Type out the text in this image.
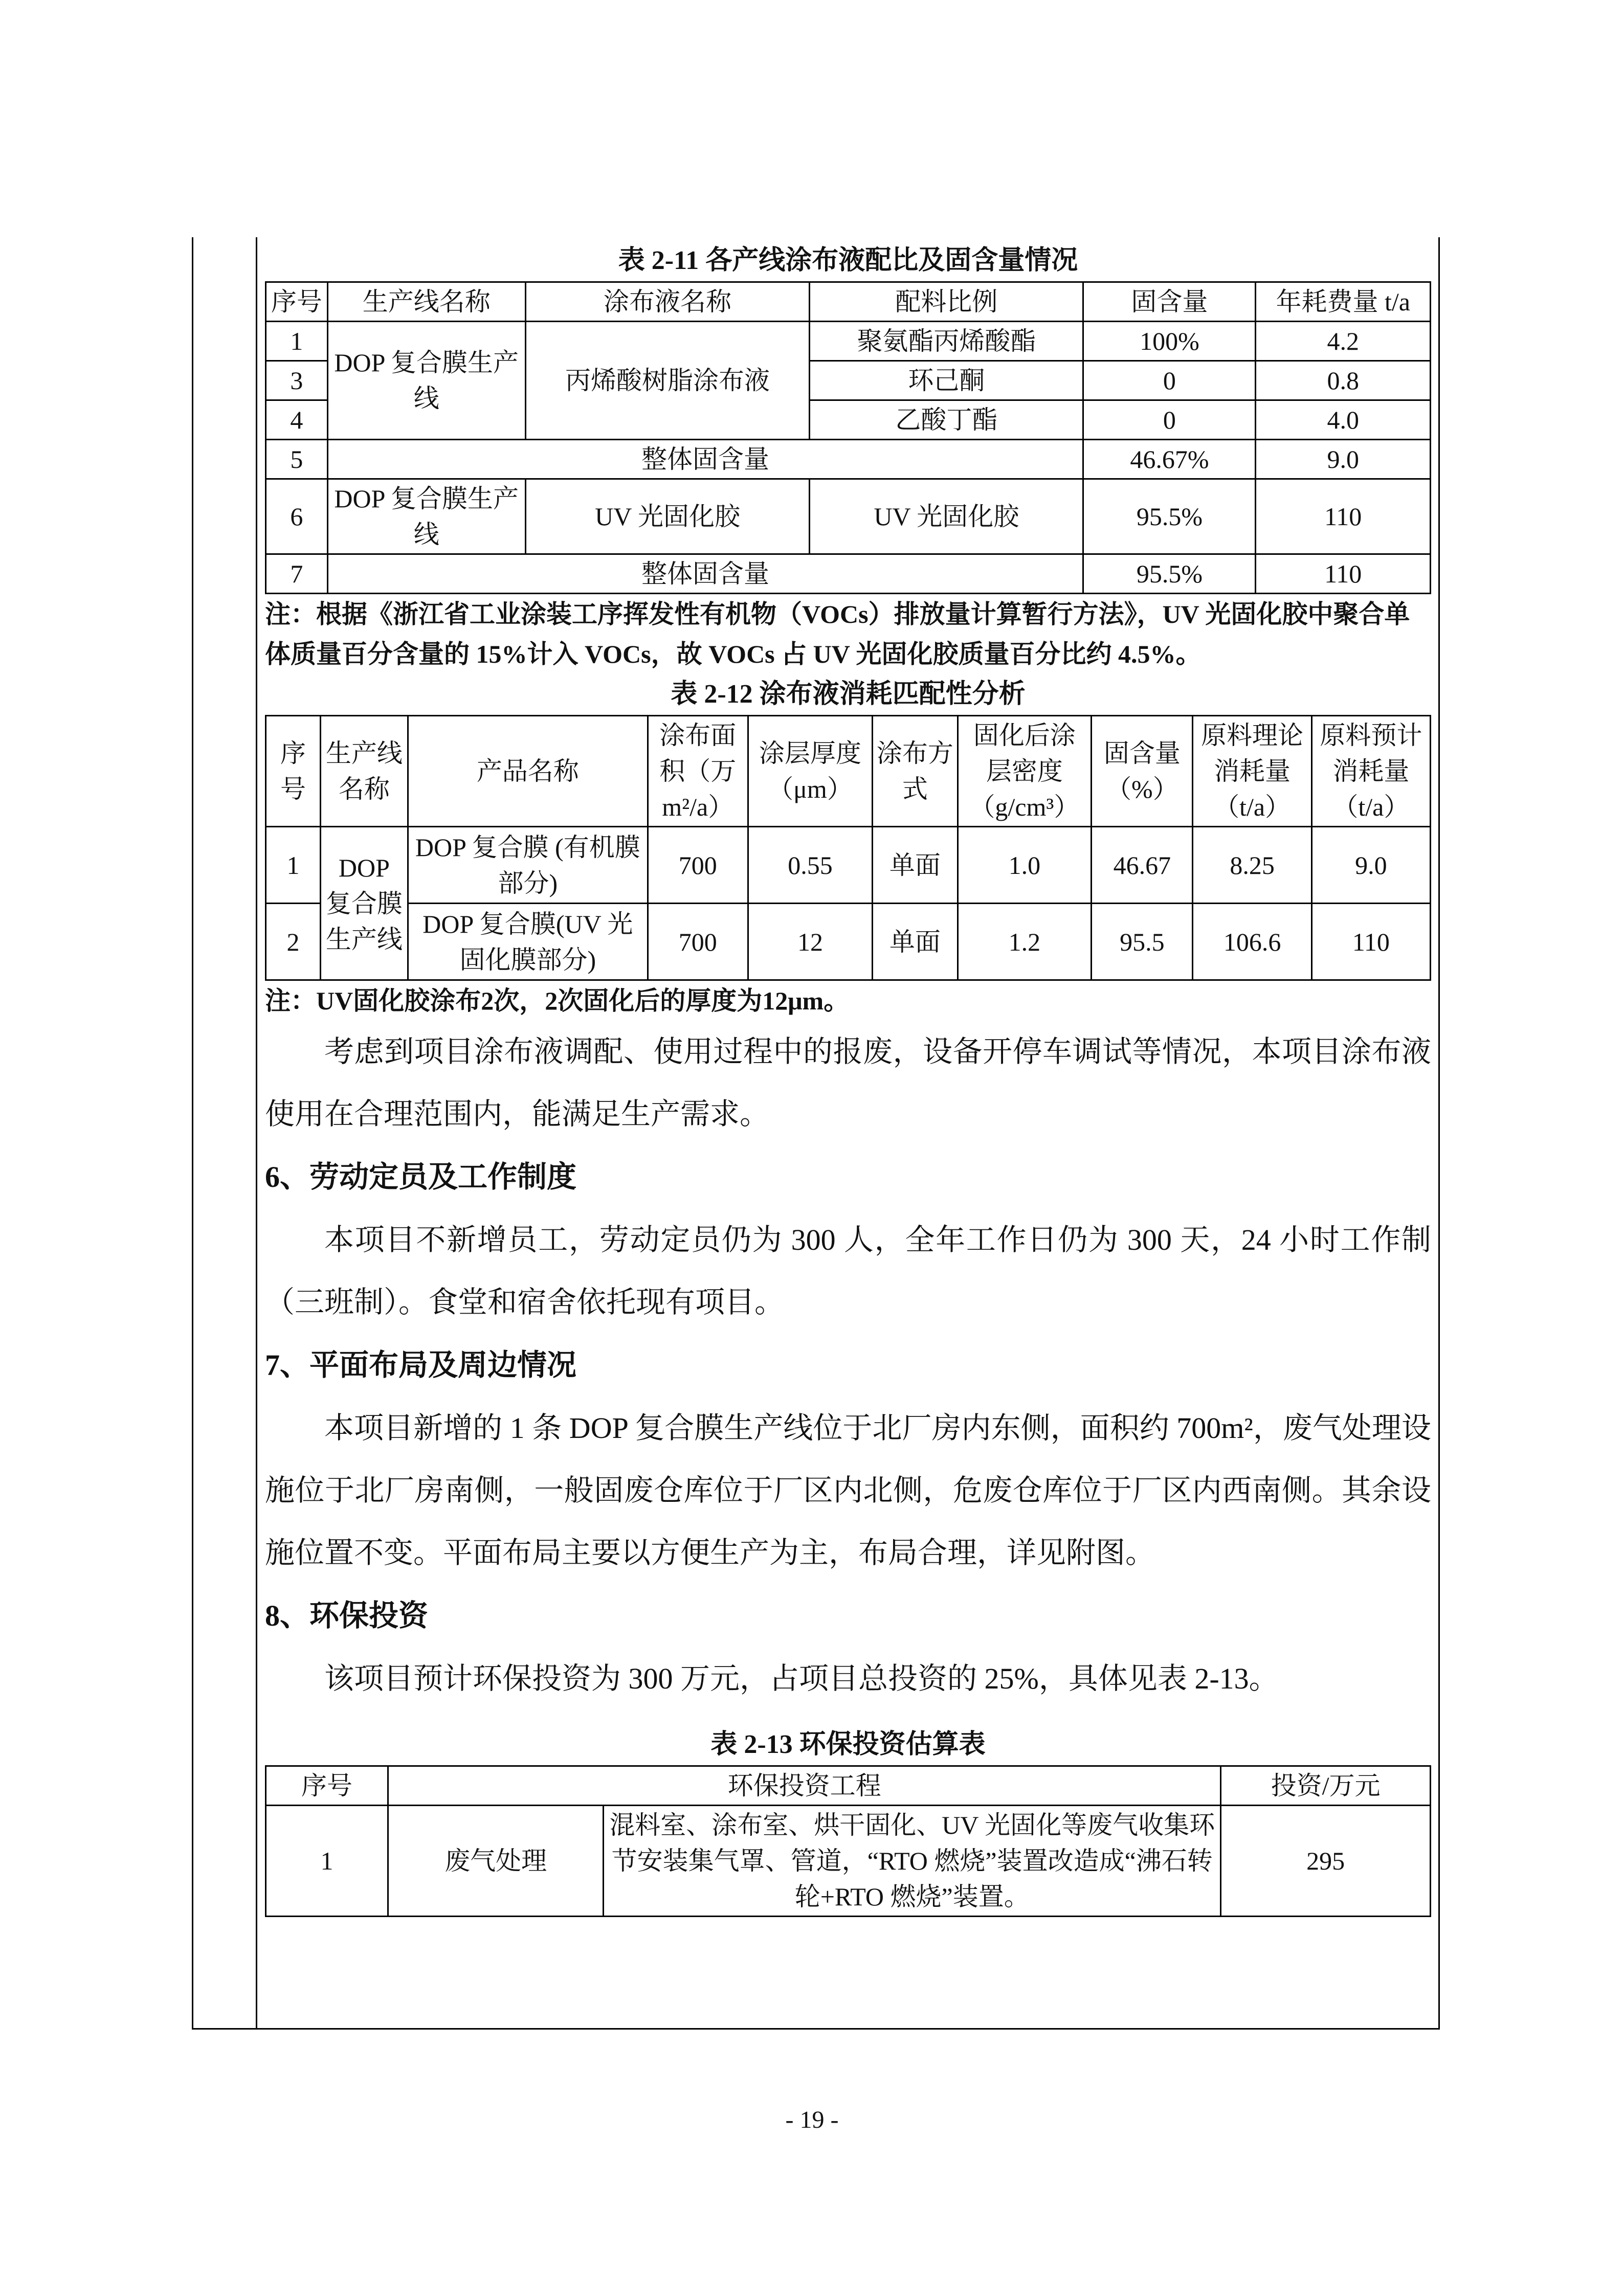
表 2-11 各产线涂布液配比及固含量情况
序号	生产线名称	涂布液名称	配料比例	固含量	年耗费量 t/a
1	DOP 复合膜生产线	丙烯酸树脂涂布液	聚氨酯丙烯酸酯	100%	4.2
3			环己酮	0	0.8
4			乙酸丁酯	0	4.0
5	整体固含量			46.67%	9.0
6	DOP 复合膜生产线	UV 光固化胶	UV 光固化胶	95.5%	110
7	整体固含量			95.5%	110
注：根据《浙江省工业涂装工序挥发性有机物（VOCs）排放量计算暂行方法》，UV 光固化胶中聚合单体质量百分含量的 15%计入 VOCs，故 VOCs 占 UV 光固化胶质量百分比约 4.5%。
表 2-12 涂布液消耗匹配性分析
序号	生产线名称	产品名称	涂布面积（万 m²/a）	涂层厚度（μm）	涂布方式	固化后涂层密度（g/cm³）	固含量（%）	原料理论消耗量（t/a）	原料预计消耗量（t/a）
1	DOP 复合膜生产线	DOP 复合膜 (有机膜部分)	700	0.55	单面	1.0	46.67	8.25	9.0
2		DOP 复合膜(UV 光固化膜部分)	700	12	单面	1.2	95.5	106.6	110
注：UV固化胶涂布2次，2次固化后的厚度为12μm。

考虑到项目涂布液调配、使用过程中的报废，设备开停车调试等情况，本项目涂布液使用在合理范围内，能满足生产需求。

6、劳动定员及工作制度

本项目不新增员工，劳动定员仍为 300 人，全年工作日仍为 300 天，24 小时工作制（三班制）。食堂和宿舍依托现有项目。

7、平面布局及周边情况

本项目新增的 1 条 DOP 复合膜生产线位于北厂房内东侧，面积约 700m²，废气处理设施位于北厂房南侧，一般固废仓库位于厂区内北侧，危废仓库位于厂区内西南侧。其余设施位置不变。平面布局主要以方便生产为主，布局合理，详见附图。

8、环保投资

该项目预计环保投资为 300 万元，占项目总投资的 25%，具体见表 2-13。

表 2-13 环保投资估算表
序号	环保投资工程		投资/万元
1	废气处理	混料室、涂布室、烘干固化、UV 光固化等废气收集环节安装集气罩、管道，“RTO 燃烧”装置改造成“沸石转轮+RTO 燃烧”装置。	295
- 19 -
